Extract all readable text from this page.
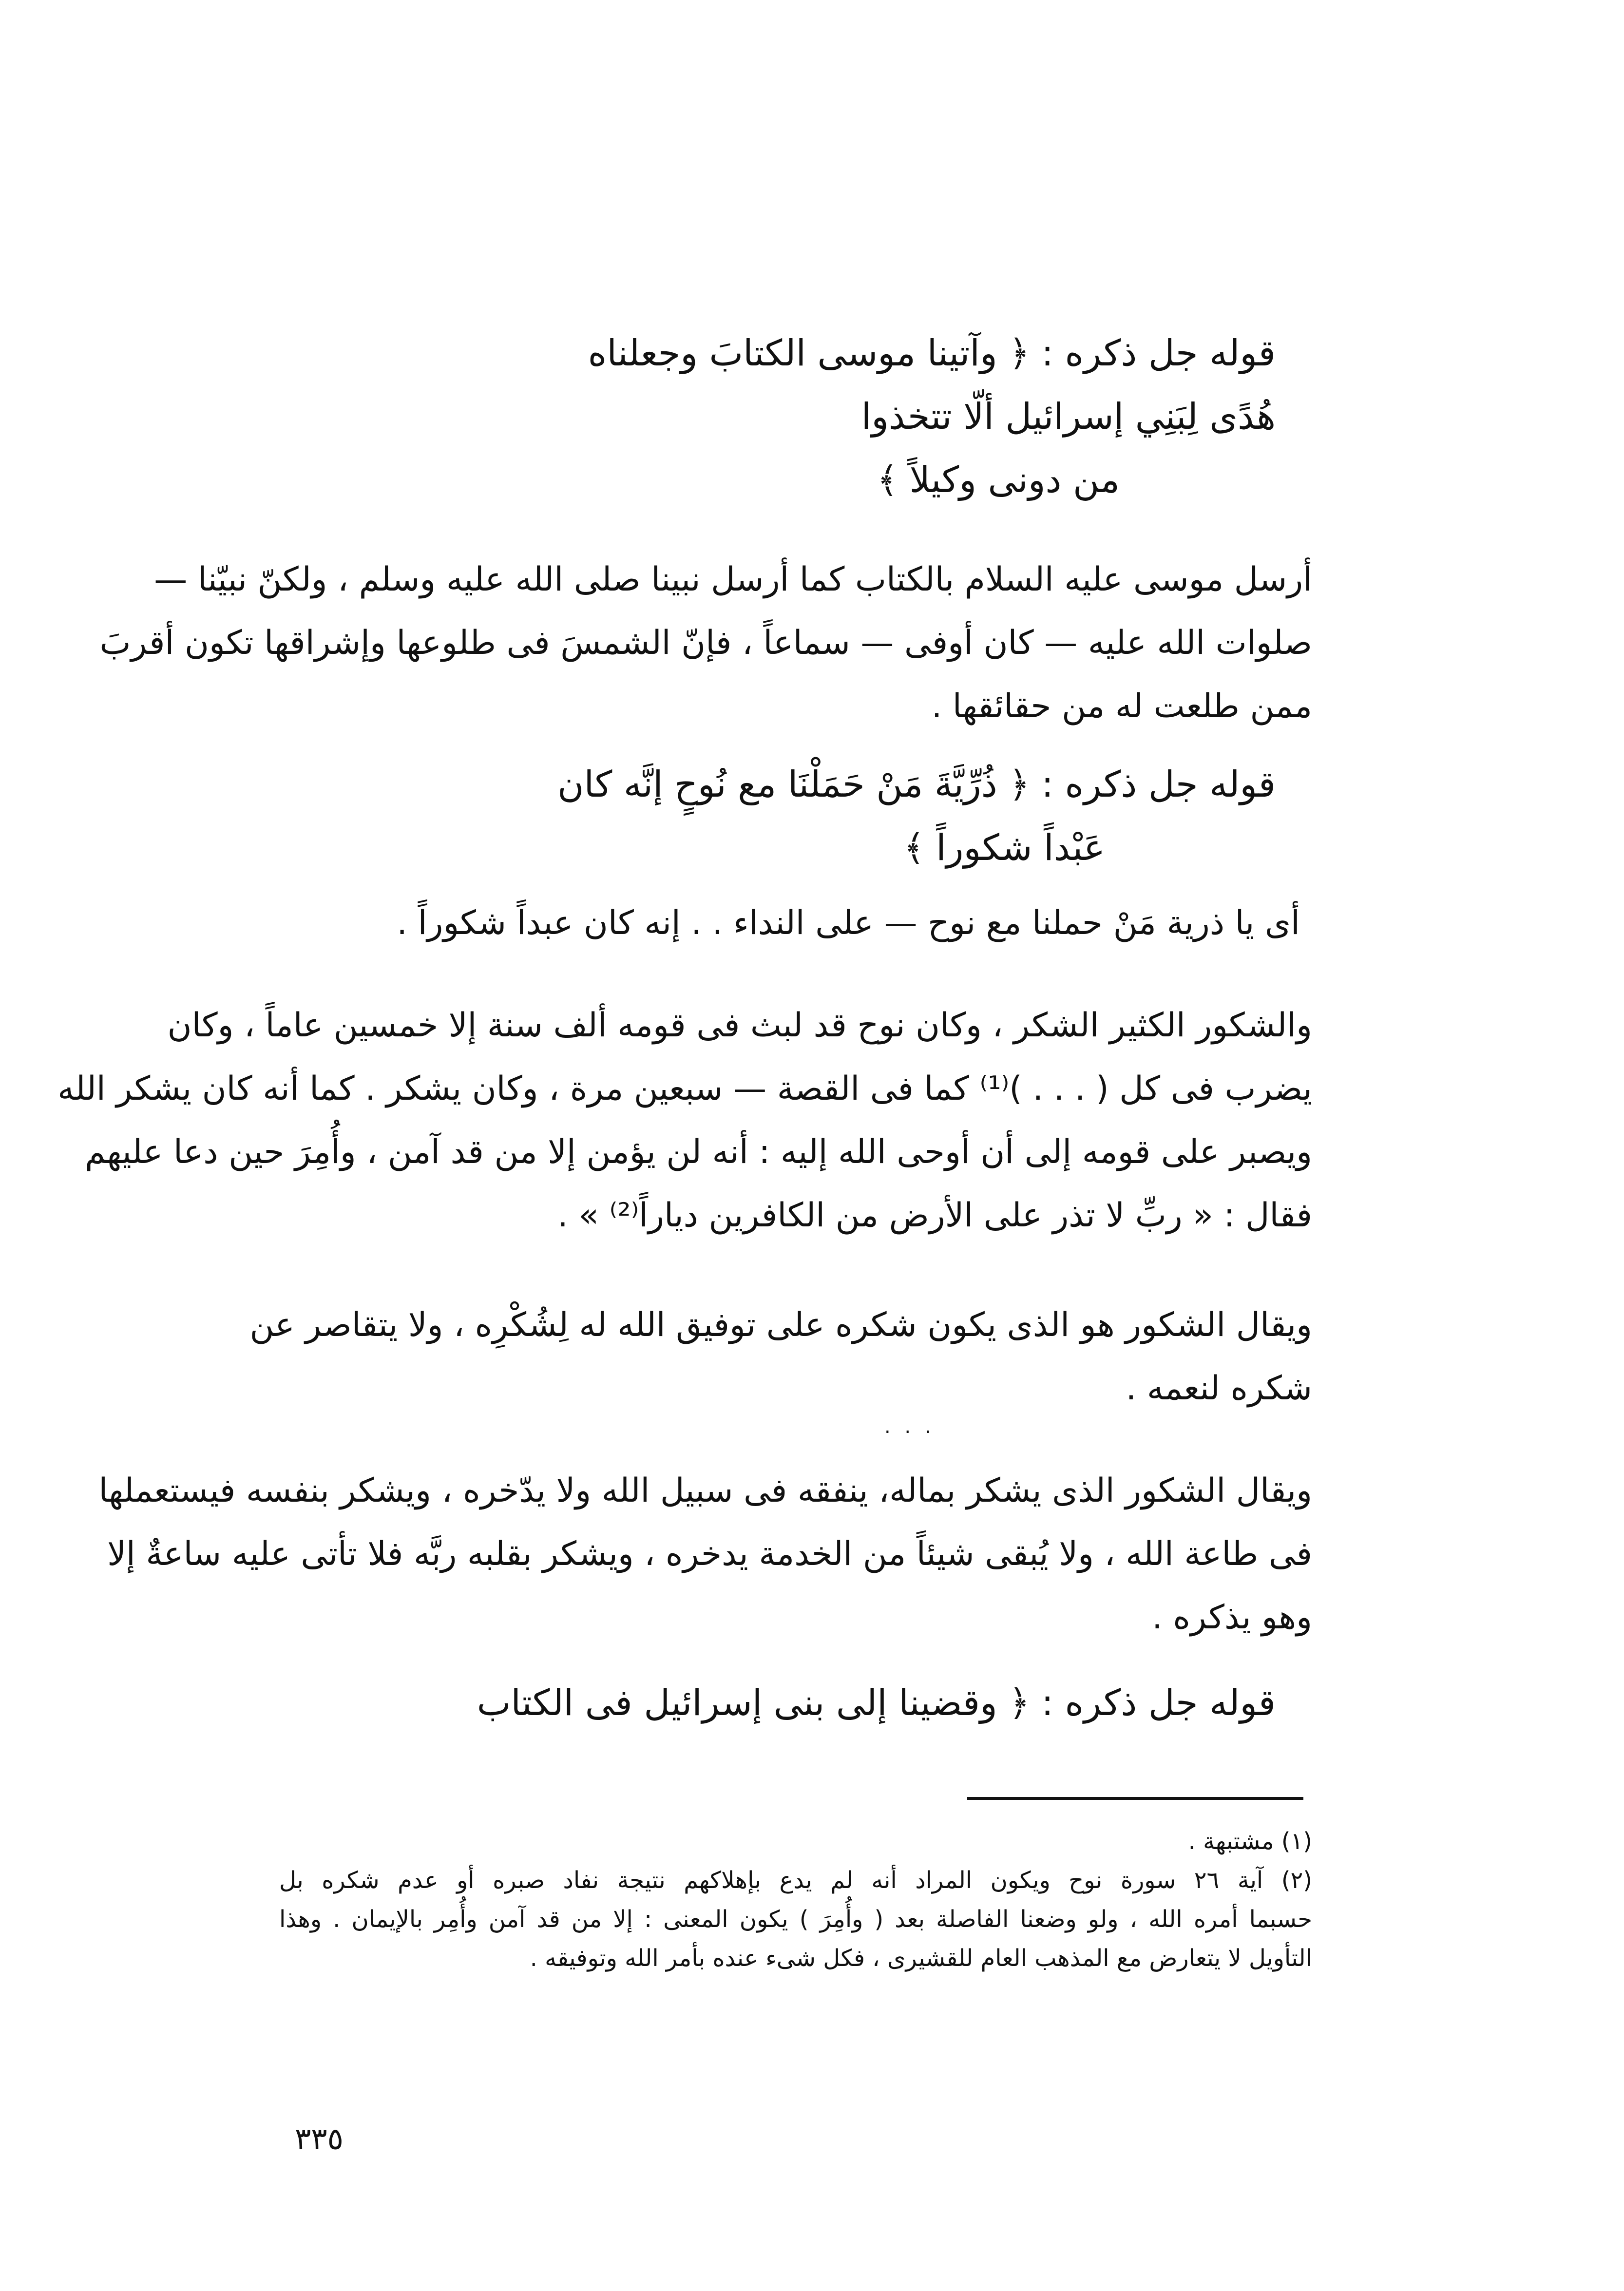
قوله جل ذكره : ﴿ وآتينا موسى الكتابَ وجعلناه
هُدًى لِبَنِي إسرائيل ألّا تتخذوا
من دونى وكيلاً ﴾
أرسل موسى عليه السلام بالكتاب كما أرسل نبينا صلى الله عليه وسلم ، ولكنّ نبيّنا —
صلوات الله عليه — كان أوفى — سماعاً ، فإنّ الشمسَ فى طلوعها وإشراقها تكون أقربَ
ممن طلعت له من حقائقها .
قوله جل ذكره : ﴿ ذُرِّيَّةَ مَنْ حَمَلْنَا مع نُوحٍ إنَّه كان
عَبْداً شكوراً ﴾
أى يا ذرية مَنْ حملنا مع نوح — على النداء . . إنه كان عبداً شكوراً .
والشكور الكثير الشكر ، وكان نوح قد لبث فى قومه ألف سنة إلا خمسين عاماً ، وكان
يضرب فى كل ( . . . )⁽¹⁾ كما فى القصة — سبعين مرة ، وكان يشكر . كما أنه كان يشكر الله
ويصبر على قومه إلى أن أوحى الله إليه : أنه لن يؤمن إلا من قد آمن ، وأُمِرَ حين دعا عليهم
فقال : « ربِّ لا تذر على الأرض من الكافرين دياراً⁽²⁾ » .
ويقال الشكور هو الذى يكون شكره على توفيق الله له لِشُكْرِه ، ولا يتقاصر عن
شكره لنعمه .
. . .
ويقال الشكور الذى يشكر بماله، ينفقه فى سبيل الله ولا يدّخره ، ويشكر بنفسه فيستعملها
فى طاعة الله ، ولا يُبقى شيئاً من الخدمة يدخره ، ويشكر بقلبه ربَّه فلا تأتى عليه ساعةٌ إلا
وهو يذكره .
قوله جل ذكره : ﴿ وقضينا إلى بنى إسرائيل فى الكتاب
(١) مشتبهة .
(٢) آية ٢٦ سورة نوح ويكون المراد أنه لم يدع بإهلاكهم نتيجة نفاد صبره أو عدم شكره بل
حسبما أمره الله ، ولو وضعنا الفاصلة بعد ( وأُمِرَ ) يكون المعنى : إلا من قد آمن وأُمِر بالإيمان . وهذا
التأويل لا يتعارض مع المذهب العام للقشيرى ، فكل شىء عنده بأمر الله وتوفيقه .
٣٣٥
